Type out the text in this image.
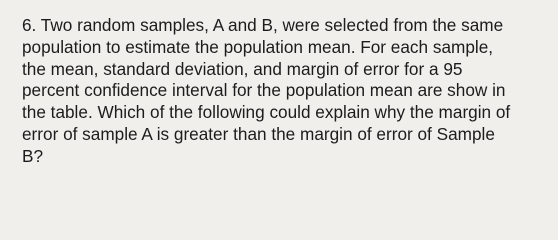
6. Two random samples, A and B, were selected from the same
population to estimate the population mean. For each sample,
the mean, standard deviation, and margin of error for a 95
percent confidence interval for the population mean are show in
the table. Which of the following could explain why the margin of
error of sample A is greater than the margin of error of Sample
B?
